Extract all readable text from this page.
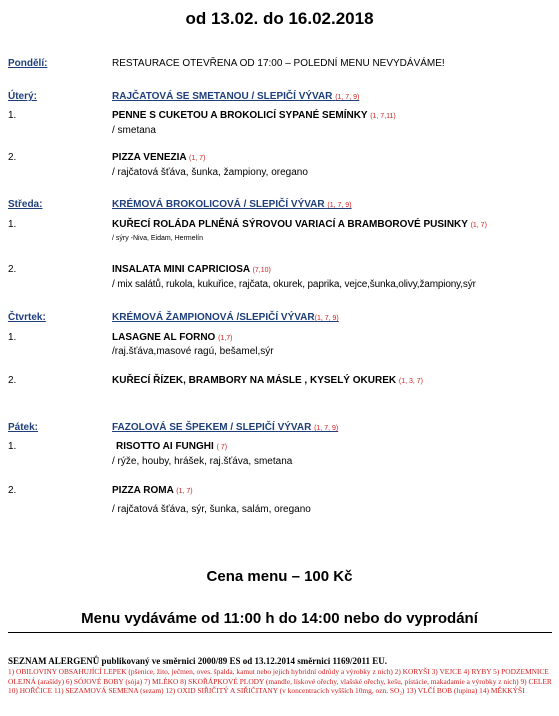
od 13.02. do 16.02.2018
Pondělí:	RESTAURACE OTEVŘENA OD 17:00 – POLEDNÍ MENU NEVYDÁVÁME!
Úterý:	RAJČATOVÁ SE SMETANOU / SLEPIČÍ VÝVAR (1, 7, 9)
1.	PENNE S CUKETOU A BROKOLICÍ SYPANÉ SEMÍNKY (1, 7,11)
/ smetana
2.	PIZZA VENEZIA (1, 7)
/ rajčatová šťáva, šunka, žampiony, oregano
Středa:	KRÉMOVÁ BROKOLICOVÁ / SLEPIČÍ VÝVAR (1, 7, 9)
1.	KUŘECÍ ROLÁDA PLNĚNÁ SÝROVOU VARIACÍ A BRAMBOROVÉ PUSINKY (1, 7)
/ sýry -Niva, Eidam, Hermelín
2.	INSALATA MINI CAPRICIOSA (7,10)
/ mix salátů, rukola, kukuřice, rajčata, okurek, paprika, vejce,šunka,olivy,žampiony,sýr
Čtvrtek:	KRÉMOVÁ ŽAMPIONOVÁ /SLEPIČÍ VÝVAR(1, 7, 9)
1.	LASAGNE AL FORNO (1,7)
/raj.šťáva,masové ragú, bešamel,sýr
2.	KUŘECÍ ŘÍZEK, BRAMBORY NA MÁSLE , KYSELÝ OKUREK (1, 3, 7)
Pátek:	FAZOLOVÁ SE ŠPEKEM / SLEPIČÍ VÝVAR (1, 7, 9)
1.	RISOTTO AI FUNGHI ( 7)
/ rýže, houby, hrášek, raj.šťáva, smetana
2.	PIZZA ROMA (1, 7)
/ rajčatová šťáva, sýr, šunka, salám, oregano
Cena menu – 100 Kč
Menu vydáváme od 11:00 h do 14:00 nebo do vyprodání
SEZNAM ALERGENŮ publikovaný ve směrnici 2000/89 ES od 13.12.2014 směrnici 1169/2011 EU.
1) OBILOVINY OBSAHUJÍCÍ LEPEK (pšenice, žito, ječmen, oves. špalda, kamut nebo jejich hybridní odrůdy a výrobky z nich) 2) KORYŠI 3) VEJCE 4) RYBY 5) PODZEMNICE OLEJNÁ (arašídy) 6) SÓJOVÉ BOBY (sója) 7) MLÉKO 8) SKOŘÁPKOVÉ PLODY (mandle, lískové ořechy, vlašské ořechy, kešu, pistácie, makadamie a výrobky z nich) 9) CELER 10) HOŘČICE 11) SEZAMOVÁ SEMENA (sezam) 12) OXID SIŘIČITÝ A SIŘIČITANY (v koncentracích vyšších 10mg, ozn. SO₂) 13) VLČÍ BOB (lupina) 14) MĚKKÝŠI
